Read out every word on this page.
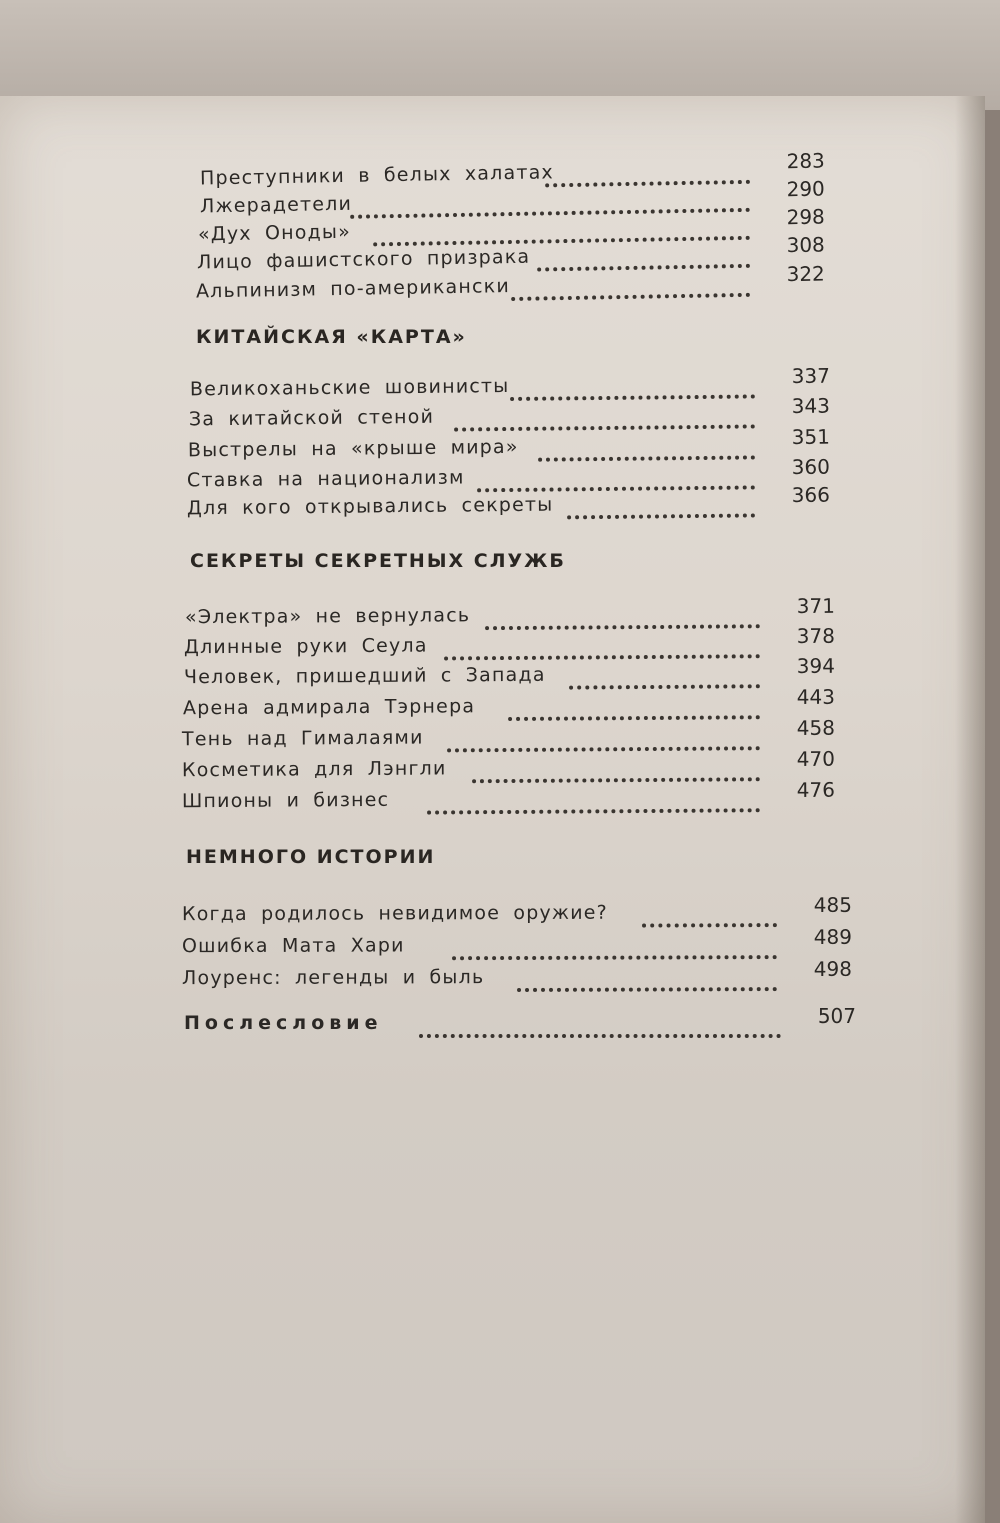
Преступники в белых халатах
283
Лжерадетели
290
«Дух Оноды»
298
Лицо фашистского призрака
308
Альпинизм по-американски
322
КИТАЙСКАЯ «КАРТА»
Великоханьские шовинисты	337
За китайской стеной	343
Выстрелы на «крыше мира»	351
Ставка на национализм	360
Для кого открывались секреты	366
СЕКРЕТЫ СЕКРЕТНЫХ СЛУЖБ
«Электра» не вернулась	371
Длинные руки Сеула	378
Человек, пришедший с Запада	394
Арена адмирала Тэрнера	443
Тень над Гималаями	458
Косметика для Лэнгли	470
Шпионы и бизнес	476
НЕМНОГО ИСТОРИИ
Когда родилось невидимое оружие?	485
Ошибка Мата Хари	489
Лоуренс: легенды и быль	498
Послесловие	507
